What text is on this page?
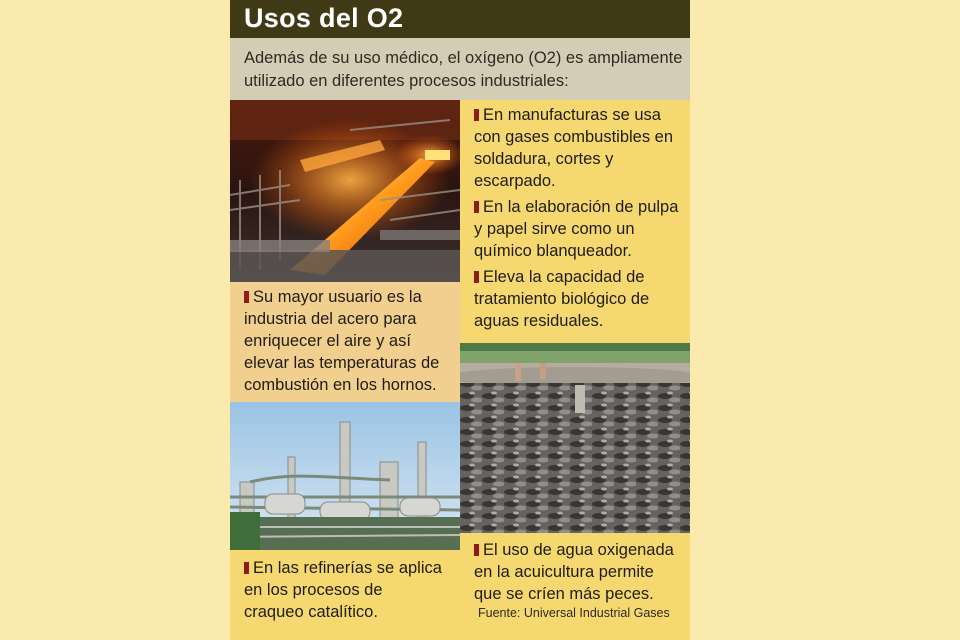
Usos del O2

Además de su uso médico, el oxígeno (O2) es ampliamente utilizado en diferentes procesos industriales:

En manufacturas se usa con gases combustibles en soldadura, cortes y escarpado.

En la elaboración de pulpa y papel sirve como un químico blanqueador.

Eleva la capacidad de tratamiento biológico de aguas residuales.

Su mayor usuario es la industria del acero para enriquecer el aire y así elevar las temperaturas de combustión en los hornos.

En las refinerías se aplica en los procesos de craqueo catalítico.

El uso de agua oxigenada en la acuicultura permite que se críen más peces.

Fuente: Universal Industrial Gases
